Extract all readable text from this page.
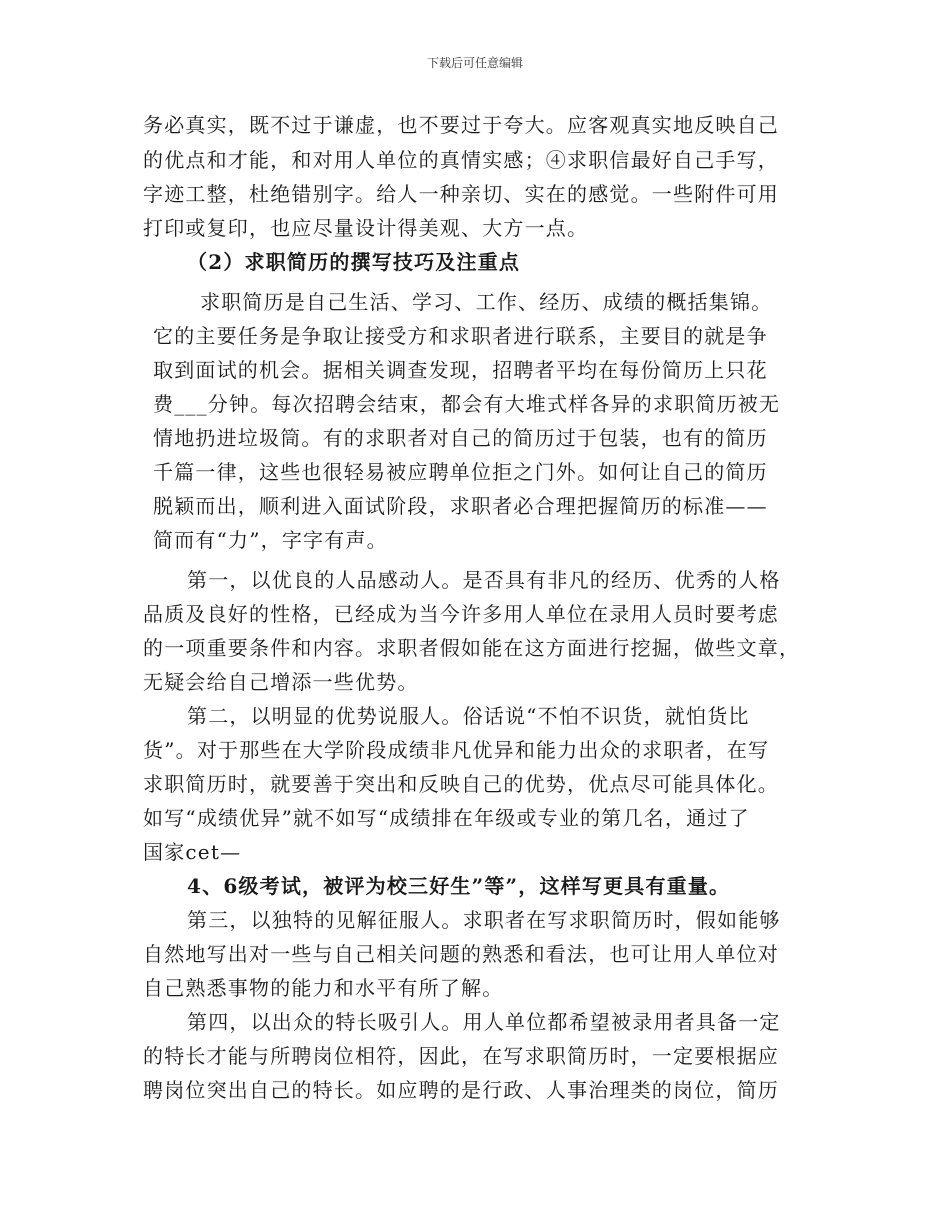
下载后可任意编辑
务必真实，既不过于谦虚，也不要过于夸大。应客观真实地反映自己
的优点和才能，和对用人单位的真情实感；④求职信最好自己手写，
字迹工整，杜绝错别字。给人一种亲切、实在的感觉。一些附件可用
打印或复印，也应尽量设计得美观、大方一点。
（2）求职简历的撰写技巧及注重点
求职简历是自己生活、学习、工作、经历、成绩的概括集锦。
它的主要任务是争取让接受方和求职者进行联系，主要目的就是争
取到面试的机会。据相关调查发现，招聘者平均在每份简历上只花
费___分钟。每次招聘会结束，都会有大堆式样各异的求职简历被无
情地扔进垃圾筒。有的求职者对自己的简历过于包装，也有的简历
千篇一律，这些也很轻易被应聘单位拒之门外。如何让自己的简历
脱颖而出，顺利进入面试阶段，求职者必合理把握简历的标准——
简而有“力”，字字有声。
第一，以优良的人品感动人。是否具有非凡的经历、优秀的人格
品质及良好的性格，已经成为当今许多用人单位在录用人员时要考虑
的一项重要条件和内容。求职者假如能在这方面进行挖掘，做些文章，
无疑会给自己增添一些优势。
第二，以明显的优势说服人。俗话说“不怕不识货，就怕货比
货”。对于那些在大学阶段成绩非凡优异和能力出众的求职者，在写
求职简历时，就要善于突出和反映自己的优势，优点尽可能具体化。
如写“成绩优异”就不如写“成绩排在年级或专业的第几名，通过了
国家cet—
4、6级考试，被评为校三好生”等”，这样写更具有重量。
第三，以独特的见解征服人。求职者在写求职简历时，假如能够
自然地写出对一些与自己相关问题的熟悉和看法，也可让用人单位对
自己熟悉事物的能力和水平有所了解。
第四，以出众的特长吸引人。用人单位都希望被录用者具备一定
的特长才能与所聘岗位相符，因此，在写求职简历时，一定要根据应
聘岗位突出自己的特长。如应聘的是行政、人事治理类的岗位，简历
